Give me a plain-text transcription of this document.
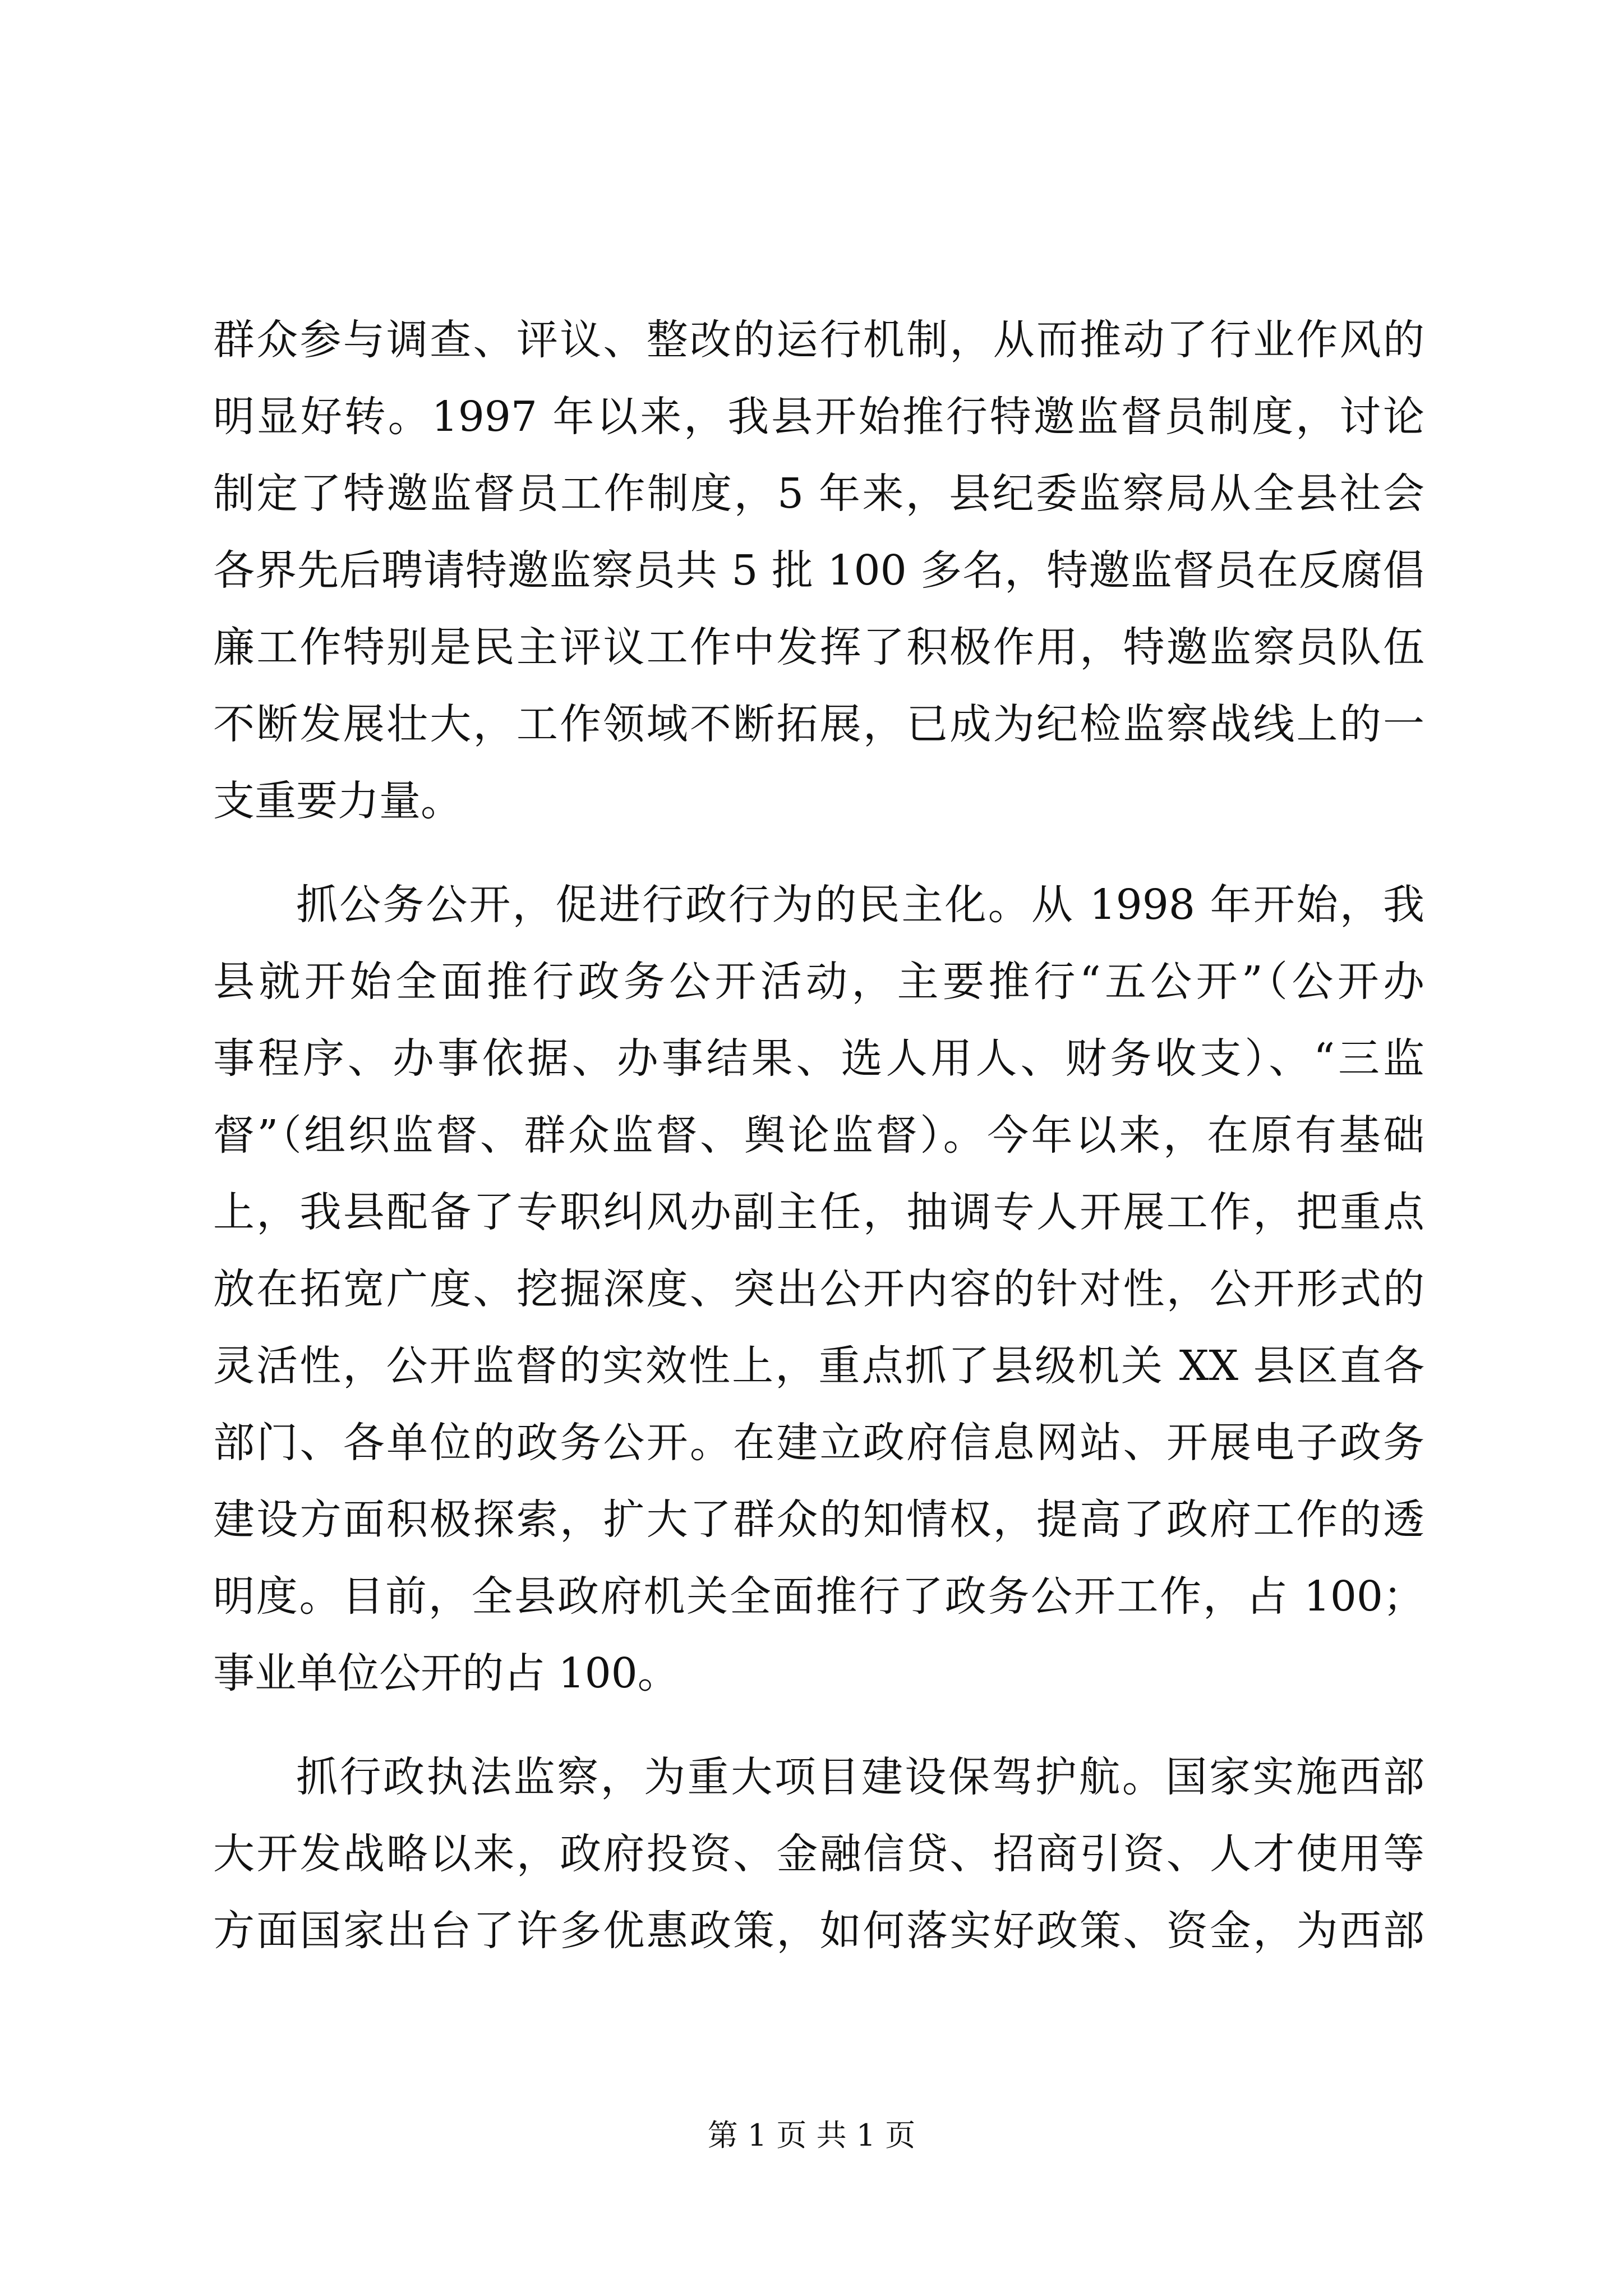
群众参与调查、评议、整改的运行机制，从而推动了行业作风的
明显好转。1997 年以来，我县开始推行特邀监督员制度，讨论
制定了特邀监督员工作制度，5 年来，县纪委监察局从全县社会
各界先后聘请特邀监察员共 5 批 100 多名，特邀监督员在反腐倡
廉工作特别是民主评议工作中发挥了积极作用，特邀监察员队伍
不断发展壮大，工作领域不断拓展，已成为纪检监察战线上的一
支重要力量。
抓公务公开，促进行政行为的民主化。从 1998 年开始，我
县就开始全面推行政务公开活动，主要推行“五公开”（公开办
事程序、办事依据、办事结果、选人用人、财务收支）、“三监
督”（组织监督、群众监督、舆论监督）。今年以来，在原有基础
上，我县配备了专职纠风办副主任，抽调专人开展工作，把重点
放在拓宽广度、挖掘深度、突出公开内容的针对性，公开形式的
灵活性，公开监督的实效性上，重点抓了县级机关 XX 县区直各
部门、各单位的政务公开。在建立政府信息网站、开展电子政务
建设方面积极探索，扩大了群众的知情权，提高了政府工作的透
明度。目前，全县政府机关全面推行了政务公开工作，占 100；
事业单位公开的占 100。
抓行政执法监察，为重大项目建设保驾护航。国家实施西部
大开发战略以来，政府投资、金融信贷、招商引资、人才使用等
方面国家出台了许多优惠政策，如何落实好政策、资金，为西部
第 1 页 共 1 页
